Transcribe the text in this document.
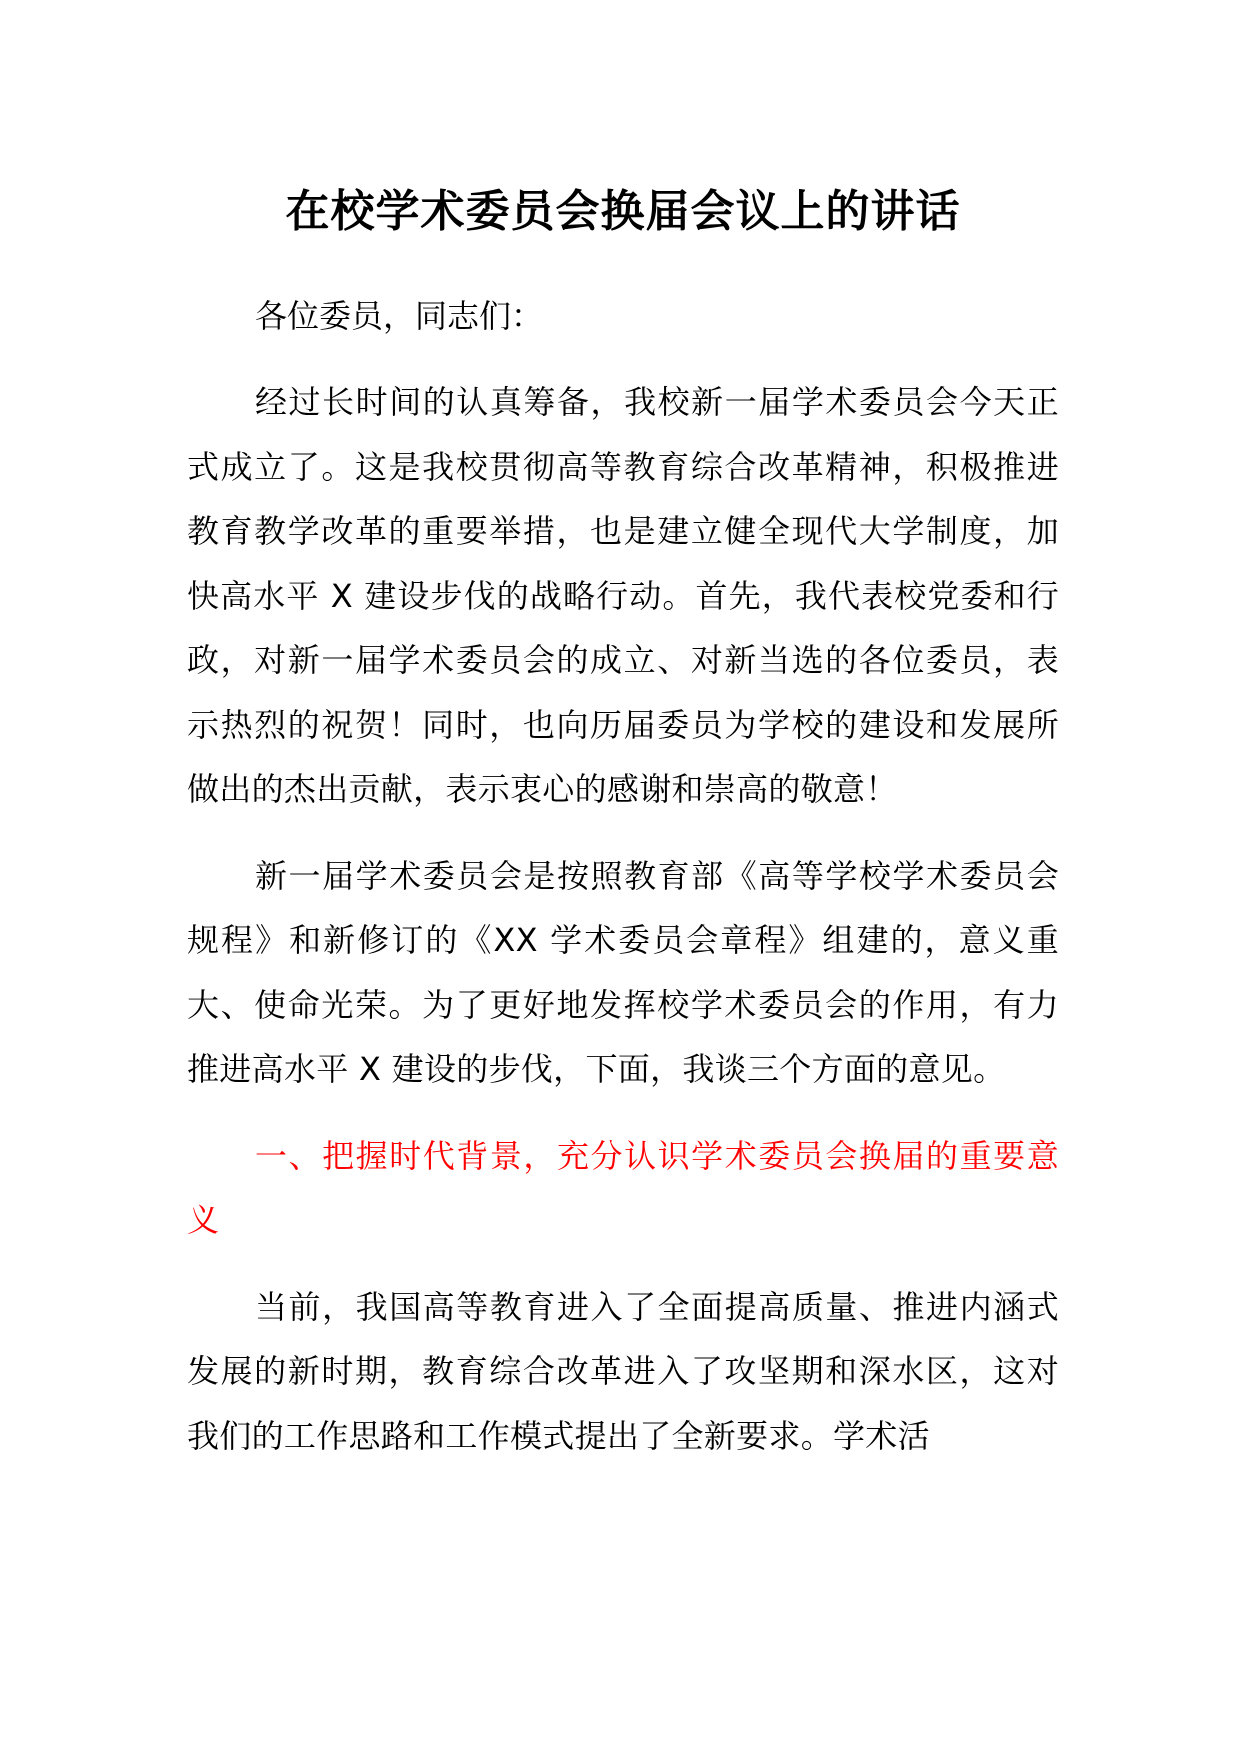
在校学术委员会换届会议上的讲话

各位委员，同志们：

经过长时间的认真筹备，我校新一届学术委员会今天正式成立了。这是我校贯彻高等教育综合改革精神，积极推进教育教学改革的重要举措，也是建立健全现代大学制度，加快高水平 X 建设步伐的战略行动。首先，我代表校党委和行政，对新一届学术委员会的成立、对新当选的各位委员，表示热烈的祝贺！同时，也向历届委员为学校的建设和发展所做出的杰出贡献，表示衷心的感谢和崇高的敬意！

新一届学术委员会是按照教育部《高等学校学术委员会规程》和新修订的《XX 学术委员会章程》组建的，意义重大、使命光荣。为了更好地发挥校学术委员会的作用，有力推进高水平 X 建设的步伐，下面，我谈三个方面的意见。

一、把握时代背景，充分认识学术委员会换届的重要意义

当前，我国高等教育进入了全面提高质量、推进内涵式发展的新时期，教育综合改革进入了攻坚期和深水区，这对我们的工作思路和工作模式提出了全新要求。学术活
